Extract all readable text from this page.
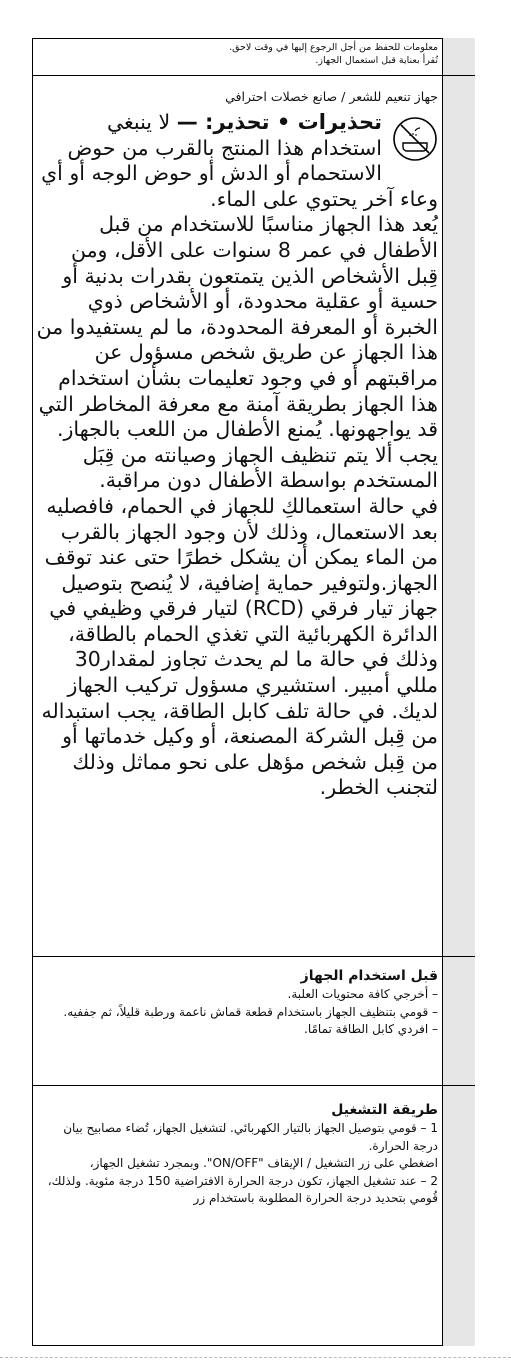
معلومات للحفظ من أجل الرجوع إليها في وقت لاحق.

تُقرأ بعناية قبل استعمال الجهاز.

جهاز تنعيم للشعر / صانع خصلات احترافي

تحذيرات • تحذير: — لا ينبغي استخدام هذا المنتج بالقرب من حوض الاستحمام أو الدش أو حوض الوجه أو أي وعاء آخر يحتوي على الماء.

يُعد هذا الجهاز مناسبًا للاستخدام من قبل الأطفال في عمر 8 سنوات على الأقل، ومن قِبل الأشخاص الذين يتمتعون بقدرات بدنية أو حسية أو عقلية محدودة، أو الأشخاص ذوي الخبرة أو المعرفة المحدودة، ما لم يستفيدوا من هذا الجهاز عن طريق شخص مسؤول عن مراقبتهم أو في وجود تعليمات بشأن استخدام هذا الجهاز بطريقة آمنة مع معرفة المخاطر التي قد يواجهونها. يُمنع الأطفال من اللعب بالجهاز. يجب ألا يتم تنظيف الجهاز وصيانته من قِبَل المستخدم بواسطة الأطفال دون مراقبة.

في حالة استعمالكِ للجهاز في الحمام، فافصليه بعد الاستعمال، وذلك لأن وجود الجهاز بالقرب من الماء يمكن أن يشكل خطرًا حتى عند توقف الجهاز.ولتوفير حماية إضافية، لا يُنصح بتوصيل جهاز تيار فرقي (RCD) لتيار فرقي وظيفي في الدائرة الكهربائية التي تغذي الحمام بالطاقة، وذلك في حالة ما لم يحدث تجاوز لمقدار30 مللي أمبير. استشيري مسؤول تركيب الجهاز لديك. في حالة تلف كابل الطاقة، يجب استبداله من قِبل الشركة المصنعة، أو وكيل خدماتها أو من قِبل شخص مؤهل على نحو مماثل وذلك لتجنب الخطر.

قبل استخدام الجهاز

– أخرجي كافة محتويات العلبة.

– قومي بتنظيف الجهاز باستخدام قطعة قماش ناعمة ورطبة قليلاً، ثم جففيه.

– افردي كابل الطاقة تمامًا.

طريقة التشغيل

1 – قومي بتوصيل الجهاز بالتيار الكهربائي. لتشغيل الجهاز، تُضاء مصابيح بيان درجة الحرارة.

اضغطي على زر التشغيل / الإيقاف "ON/OFF". وبمجرد تشغيل الجهاز،

2 – عند تشغيل الجهاز، تكون درجة الحرارة الافتراضية 150 درجة مئوية. ولذلك، قُومي بتحديد درجة الحرارة المطلوبة باستخدام زر
